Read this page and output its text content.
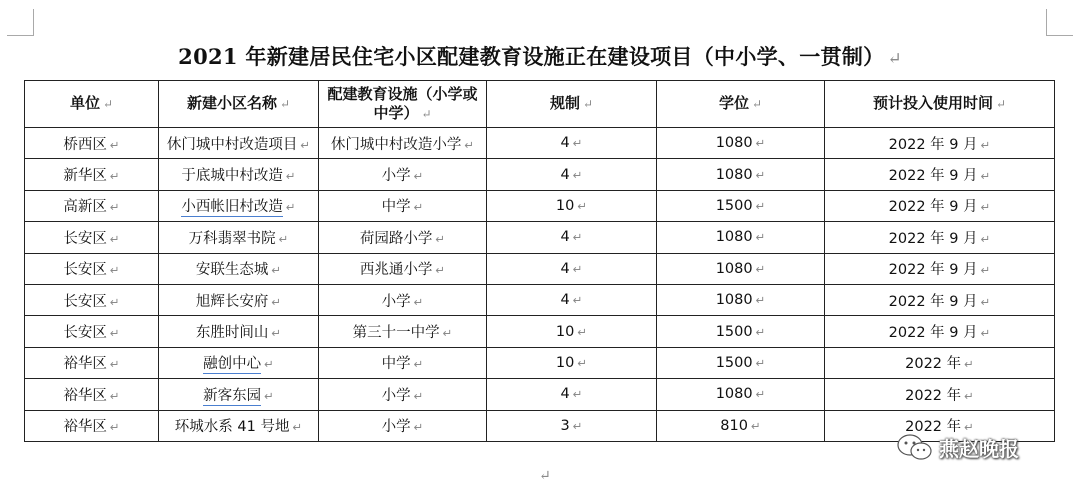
2021 年新建居民住宅小区配建教育设施正在建设项目（中小学、一贯制） ↵
单位 ↵	新建小区名称 ↵	配建教育设施（小学或中学） ↵	规制 ↵	学位 ↵	预计投入使用时间 ↵
桥西区 ↵	休门城中村改造项目 ↵	休门城中村改造小学 ↵	4 ↵	1080 ↵	2022 年 9 月 ↵
新华区 ↵	于底城中村改造 ↵	小学 ↵	4 ↵	1080 ↵	2022 年 9 月 ↵
高新区 ↵	小西帐旧村改造 ↵	中学 ↵	10 ↵	1500 ↵	2022 年 9 月 ↵
长安区 ↵	万科翡翠书院 ↵	荷园路小学 ↵	4 ↵	1080 ↵	2022 年 9 月 ↵
长安区 ↵	安联生态城 ↵	西兆通小学 ↵	4 ↵	1080 ↵	2022 年 9 月 ↵
长安区 ↵	旭辉长安府 ↵	小学 ↵	4 ↵	1080 ↵	2022 年 9 月 ↵
长安区 ↵	东胜时间山 ↵	第三十一中学 ↵	10 ↵	1500 ↵	2022 年 9 月 ↵
裕华区 ↵	融创中心 ↵	中学 ↵	10 ↵	1500 ↵	2022 年 ↵
裕华区 ↵	新客东园 ↵	小学 ↵	4 ↵	1080 ↵	2022 年 ↵
裕华区 ↵	环城水系 41 号地 ↵	小学 ↵	3 ↵	810 ↵	2022 年 ↵
↵
燕赵晚报
